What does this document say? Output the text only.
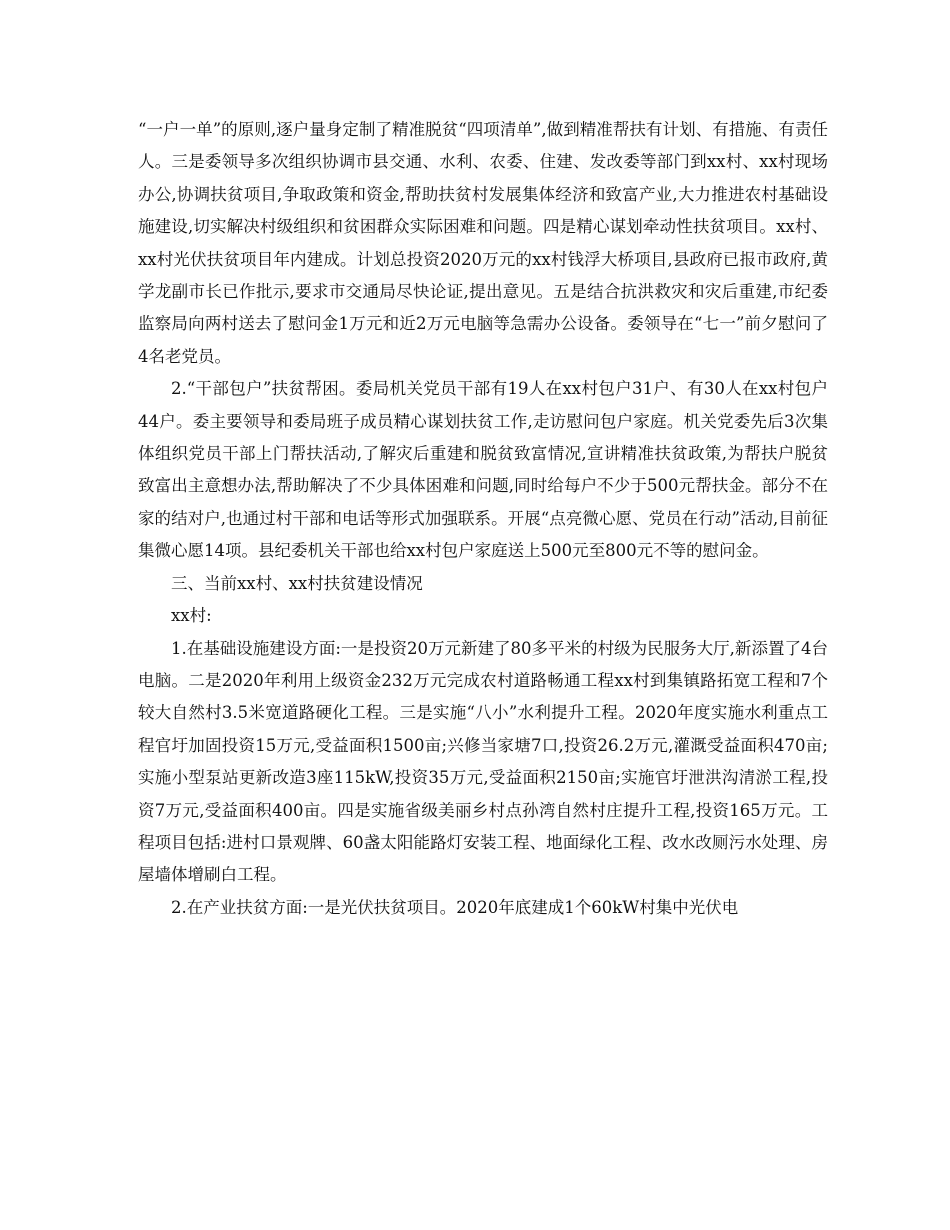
“一户一单”的原则,逐户量身定制了精准脱贫“四项清单”,做到精准帮扶有计划、有措施、有责任人。三是委领导多次组织协调市县交通、水利、农委、住建、发改委等部门到xx村、xx村现场办公,协调扶贫项目,争取政策和资金,帮助扶贫村发展集体经济和致富产业,大力推进农村基础设施建设,切实解决村级组织和贫困群众实际困难和问题。四是精心谋划牵动性扶贫项目。xx村、xx村光伏扶贫项目年内建成。计划总投资2020万元的xx村钱浮大桥项目,县政府已报市政府,黄学龙副市长已作批示,要求市交通局尽快论证,提出意见。五是结合抗洪救灾和灾后重建,市纪委监察局向两村送去了慰问金1万元和近2万元电脑等急需办公设备。委领导在“七一”前夕慰问了4名老党员。

2.“干部包户”扶贫帮困。委局机关党员干部有19人在xx村包户31户、有30人在xx村包户44户。委主要领导和委局班子成员精心谋划扶贫工作,走访慰问包户家庭。机关党委先后3次集体组织党员干部上门帮扶活动,了解灾后重建和脱贫致富情况,宣讲精准扶贫政策,为帮扶户脱贫致富出主意想办法,帮助解决了不少具体困难和问题,同时给每户不少于500元帮扶金。部分不在家的结对户,也通过村干部和电话等形式加强联系。开展“点亮微心愿、党员在行动”活动,目前征集微心愿14项。县纪委机关干部也给xx村包户家庭送上500元至800元不等的慰问金。

三、当前xx村、xx村扶贫建设情况

xx村:

1.在基础设施建设方面:一是投资20万元新建了80多平米的村级为民服务大厅,新添置了4台电脑。二是2020年利用上级资金232万元完成农村道路畅通工程xx村到集镇路拓宽工程和7个较大自然村3.5米宽道路硬化工程。三是实施“八小”水利提升工程。2020年度实施水利重点工程官圩加固投资15万元,受益面积1500亩;兴修当家塘7口,投资26.2万元,灌溉受益面积470亩;实施小型泵站更新改造3座115kW,投资35万元,受益面积2150亩;实施官圩泄洪沟清淤工程,投资7万元,受益面积400亩。四是实施省级美丽乡村点孙湾自然村庄提升工程,投资165万元。工程项目包括:进村口景观牌、60盏太阳能路灯安装工程、地面绿化工程、改水改厕污水处理、房屋墙体增刷白工程。

2.在产业扶贫方面:一是光伏扶贫项目。2020年底建成1个60kW村集中光伏电
